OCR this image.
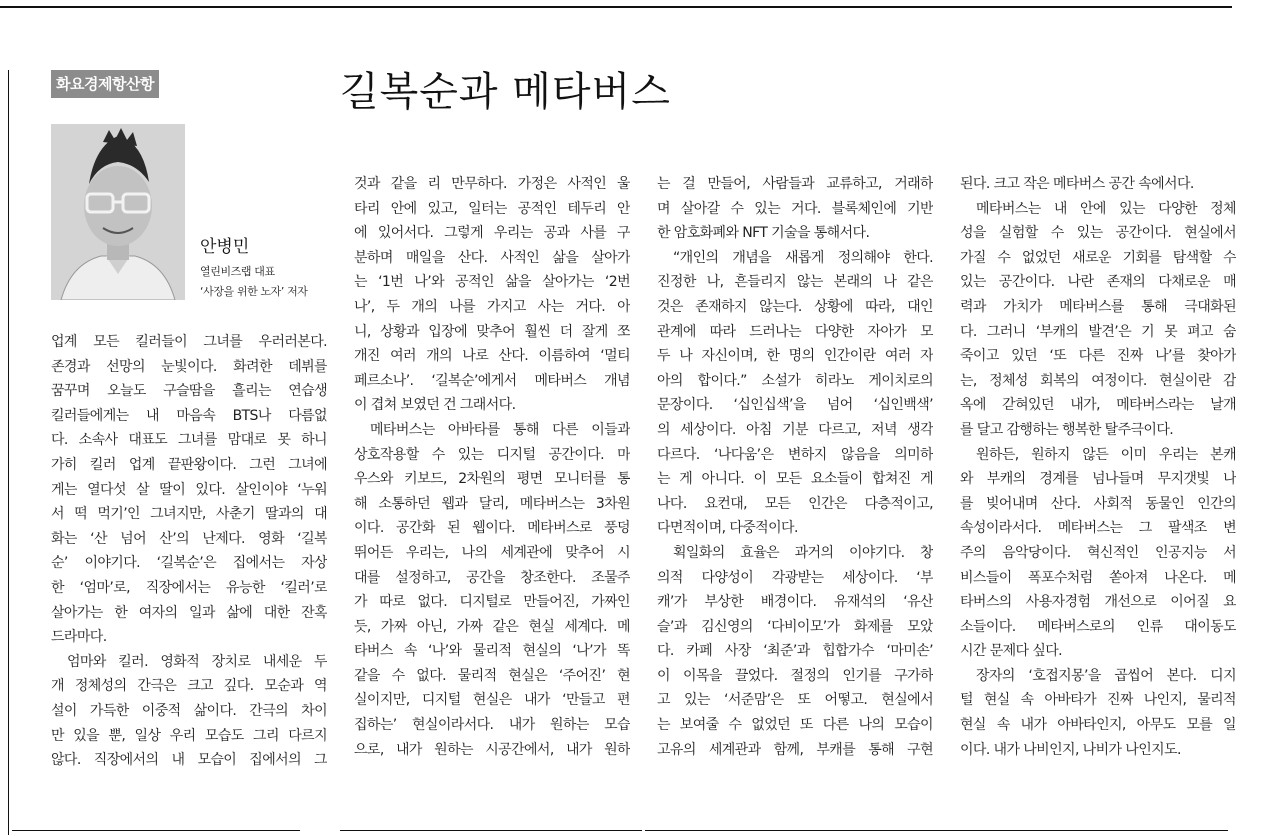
화요경제항산항심	길복순과 메타버스
안병민
열린비즈랩 대표
‘사장을 위한 노자’ 저자
업계 모든 킬러들이 그녀를 우러러본다.
존경과 선망의 눈빛이다. 화려한 데뷔를
꿈꾸며 오늘도 구슬땀을 흘리는 연습생
킬러들에게는 내 마음속 BTS나 다름없
다. 소속사 대표도 그녀를 맘대로 못 하니
가히 킬러 업계 끝판왕이다. 그런 그녀에
게는 열다섯 살 딸이 있다. 살인이야 ‘누워
서 떡 먹기’인 그녀지만, 사춘기 딸과의 대
화는 ‘산 넘어 산’의 난제다. 영화 ‘길복
순’ 이야기다. ‘길복순’은 집에서는 자상
한 ‘엄마’로, 직장에서는 유능한 ‘킬러’로
살아가는 한 여자의 일과 삶에 대한 잔혹
드라마다.
엄마와 킬러. 영화적 장치로 내세운 두
개 정체성의 간극은 크고 깊다. 모순과 역
설이 가득한 이중적 삶이다. 간극의 차이
만 있을 뿐, 일상 우리 모습도 그리 다르지
않다. 직장에서의 내 모습이 집에서의 그
것과 같을 리 만무하다. 가정은 사적인 울
타리 안에 있고, 일터는 공적인 테두리 안
에 있어서다. 그렇게 우리는 공과 사를 구
분하며 매일을 산다. 사적인 삶을 살아가
는 ‘1번 나’와 공적인 삶을 살아가는 ‘2번
나’, 두 개의 나를 가지고 사는 거다. 아
니, 상황과 입장에 맞추어 훨씬 더 잘게 쪼
개진 여러 개의 나로 산다. 이름하여 ‘멀티
페르소나’. ‘길복순’에게서 메타버스 개념
이 겹쳐 보였던 건 그래서다.
메타버스는 아바타를 통해 다른 이들과
상호작용할 수 있는 디지털 공간이다. 마
우스와 키보드, 2차원의 평면 모니터를 통
해 소통하던 웹과 달리, 메타버스는 3차원
이다. 공간화 된 웹이다. 메타버스로 풍덩
뛰어든 우리는, 나의 세계관에 맞추어 시
대를 설정하고, 공간을 창조한다. 조물주
가 따로 없다. 디지털로 만들어진, 가짜인
듯, 가짜 아닌, 가짜 같은 현실 세계다. 메
타버스 속 ‘나’와 물리적 현실의 ‘나’가 똑
같을 수 없다. 물리적 현실은 ‘주어진’ 현
실이지만, 디지털 현실은 내가 ‘만들고 편
집하는’ 현실이라서다. 내가 원하는 모습
으로, 내가 원하는 시공간에서, 내가 원하
는 걸 만들어, 사람들과 교류하고, 거래하
며 살아갈 수 있는 거다. 블록체인에 기반
한 암호화폐와 NFT 기술을 통해서다.
“개인의 개념을 새롭게 정의해야 한다.
진정한 나, 흔들리지 않는 본래의 나 같은
것은 존재하지 않는다. 상황에 따라, 대인
관계에 따라 드러나는 다양한 자아가 모
두 나 자신이며, 한 명의 인간이란 여러 자
아의 합이다.” 소설가 히라노 게이치로의
문장이다. ‘십인십색’을 넘어 ‘십인백색’
의 세상이다. 아침 기분 다르고, 저녁 생각
다르다. ‘나다움’은 변하지 않음을 의미하
는 게 아니다. 이 모든 요소들이 합쳐진 게
나다. 요컨대, 모든 인간은 다층적이고,
다면적이며, 다중적이다.
획일화의 효율은 과거의 이야기다. 창
의적 다양성이 각광받는 세상이다. ‘부
캐’가 부상한 배경이다. 유재석의 ‘유산
슬’과 김신영의 ‘다비이모’가 화제를 모았
다. 카페 사장 ‘최준’과 힙합가수 ‘마미손’
이 이목을 끌었다. 절정의 인기를 구가하
고 있는 ‘서준맘’은 또 어떻고. 현실에서
는 보여줄 수 없었던 또 다른 나의 모습이
고유의 세계관과 함께, 부캐를 통해 구현
된다. 크고 작은 메타버스 공간 속에서다.
메타버스는 내 안에 있는 다양한 정체
성을 실험할 수 있는 공간이다. 현실에서
가질 수 없었던 새로운 기회를 탐색할 수
있는 공간이다. 나란 존재의 다채로운 매
력과 가치가 메타버스를 통해 극대화된
다. 그러니 ‘부캐의 발견’은 기 못 펴고 숨
죽이고 있던 ‘또 다른 진짜 나’를 찾아가
는, 정체성 회복의 여정이다. 현실이란 감
옥에 갇혀있던 내가, 메타버스라는 날개
를 달고 감행하는 행복한 탈주극이다.
원하든, 원하지 않든 이미 우리는 본캐
와 부캐의 경계를 넘나들며 무지갯빛 나
를 빚어내며 산다. 사회적 동물인 인간의
속성이라서다. 메타버스는 그 팔색조 변
주의 음악당이다. 혁신적인 인공지능 서
비스들이 폭포수처럼 쏟아져 나온다. 메
타버스의 사용자경험 개선으로 이어질 요
소들이다. 메타버스로의 인류 대이동도
시간 문제다 싶다.
장자의 ‘호접지몽’을 곱씹어 본다. 디지
털 현실 속 아바타가 진짜 나인지, 물리적
현실 속 내가 아바타인지, 아무도 모를 일
이다. 내가 나비인지, 나비가 나인지도.
